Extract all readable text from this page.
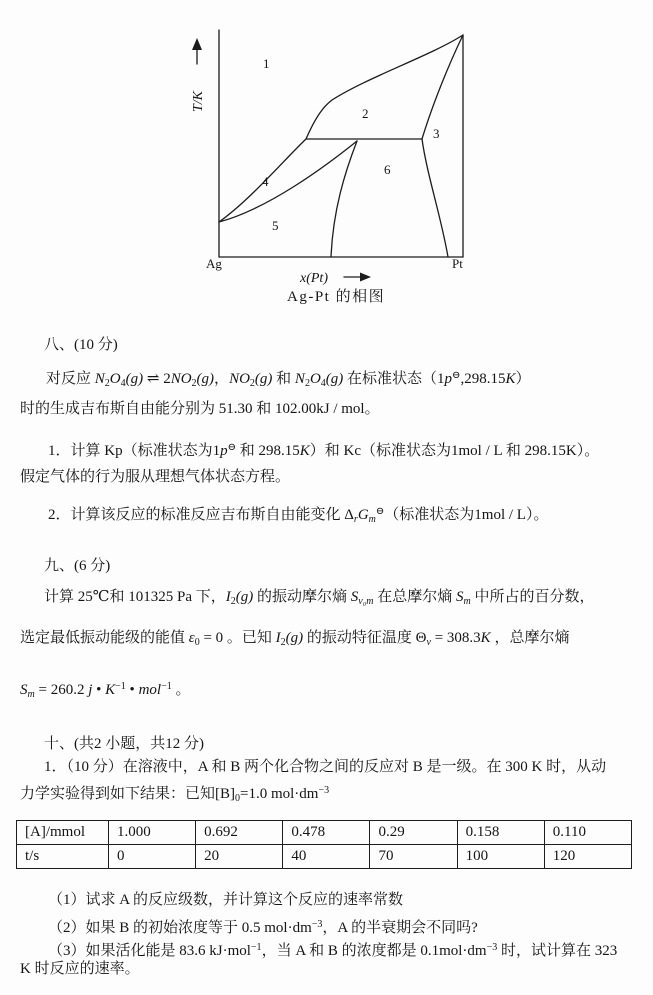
T/K
x(Pt)
Ag	Pt
1
2
3
4
5
6
Ag-Pt 的相图
八、(10 分)
对反应 $N_2O_4(g)$ ⇌ $2NO_2(g)$，$NO_2(g)$ 和 $N_2O_4(g)$ 在标准状态（1p⊖,298.15K）
时的生成吉布斯自由能分别为 51.30 和 102.00kJ / mol。
1．计算 Kp（标准状态为1p⊖ 和 298.15K）和 Kc（标准状态为1mol / L 和 298.15K）。
假定气体的行为服从理想气体状态方程。
2．计算该反应的标准反应吉布斯自由能变化 $\Delta_rG_m^⊖$（标准状态为1mol / L）。
九、(6 分)
计算 25℃和 101325 Pa 下，$I_2(g)$ 的振动摩尔熵 $S_{v_0m}$ 在总摩尔熵 $S_m$ 中所占的百分数，
选定最低振动能级的能值 $\varepsilon_0 = 0$ 。已知 $I_2(g)$ 的振动特征温度 $\Theta_v = 308.3K$ ，总摩尔熵
$S_m = 260.2$ j • $K^{-1}$ • mol$^{-1}$ 。
十、(共2 小题，共12 分)
1．（10 分）在溶液中，A 和 B 两个化合物之间的反应对 B 是一级。在 300 K 时，从动
力学实验得到如下结果：已知$[B]_0=1.0$ $mol\cdot dm^{-3}$
[A]/mmol	1.000	0.692	0.478	0.29	0.158	0.110
t/s	0	20	40	70	100	120
（1）试求 A 的反应级数，并计算这个反应的速率常数
（2）如果 B 的初始浓度等于 0.5 $mol\cdot dm^{-3}$，A 的半衰期会不同吗?
（3）如果活化能是 83.6 kJ·mol$^{-1}$，当 A 和 B 的浓度都是 $0.1mol\cdot dm^{-3}$ 时，试计算在 323
K 时反应的速率。
